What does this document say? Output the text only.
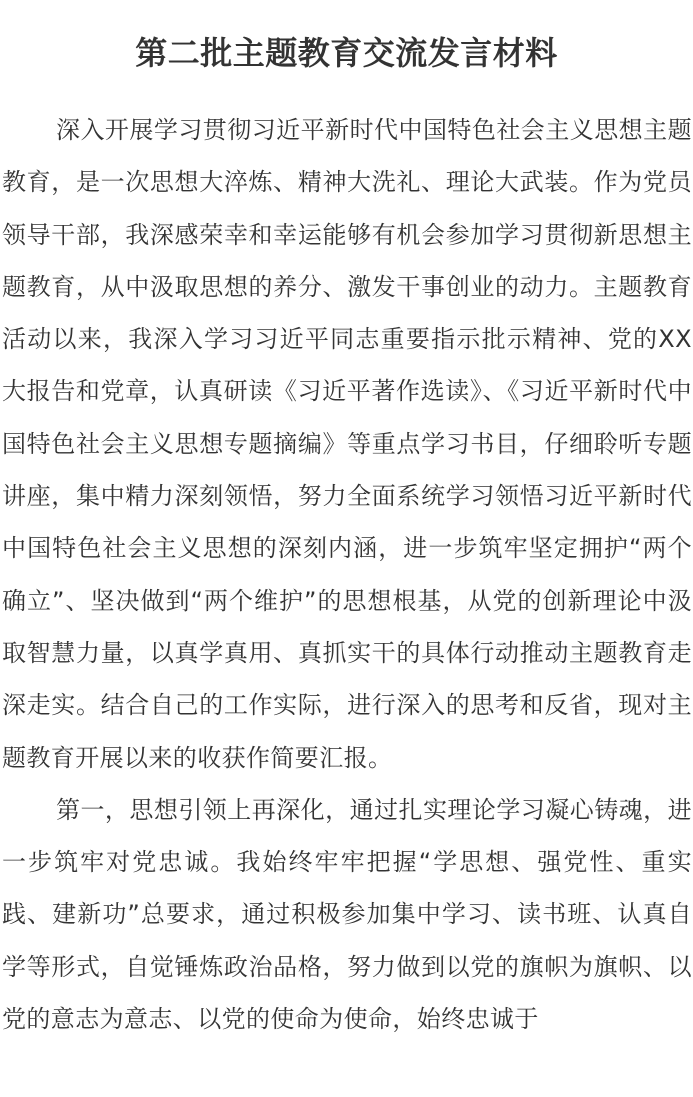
第二批主题教育交流发言材料

深入开展学习贯彻习近平新时代中国特色社会主义思想主题教育，是一次思想大淬炼、精神大洗礼、理论大武装。作为党员领导干部，我深感荣幸和幸运能够有机会参加学习贯彻新思想主题教育，从中汲取思想的养分、激发干事创业的动力。主题教育活动以来，我深入学习习近平同志重要指示批示精神、党的XX大报告和党章，认真研读《习近平著作选读》、《习近平新时代中国特色社会主义思想专题摘编》等重点学习书目，仔细聆听专题讲座，集中精力深刻领悟，努力全面系统学习领悟习近平新时代中国特色社会主义思想的深刻内涵，进一步筑牢坚定拥护“两个确立”、坚决做到“两个维护”的思想根基，从党的创新理论中汲取智慧力量，以真学真用、真抓实干的具体行动推动主题教育走深走实。结合自己的工作实际，进行深入的思考和反省，现对主题教育开展以来的收获作简要汇报。

第一，思想引领上再深化，通过扎实理论学习凝心铸魂，进一步筑牢对党忠诚。我始终牢牢把握“学思想、强党性、重实践、建新功”总要求，通过积极参加集中学习、读书班、认真自学等形式，自觉锤炼政治品格，努力做到以党的旗帜为旗帜、以党的意志为意志、以党的使命为使命，始终忠诚于
